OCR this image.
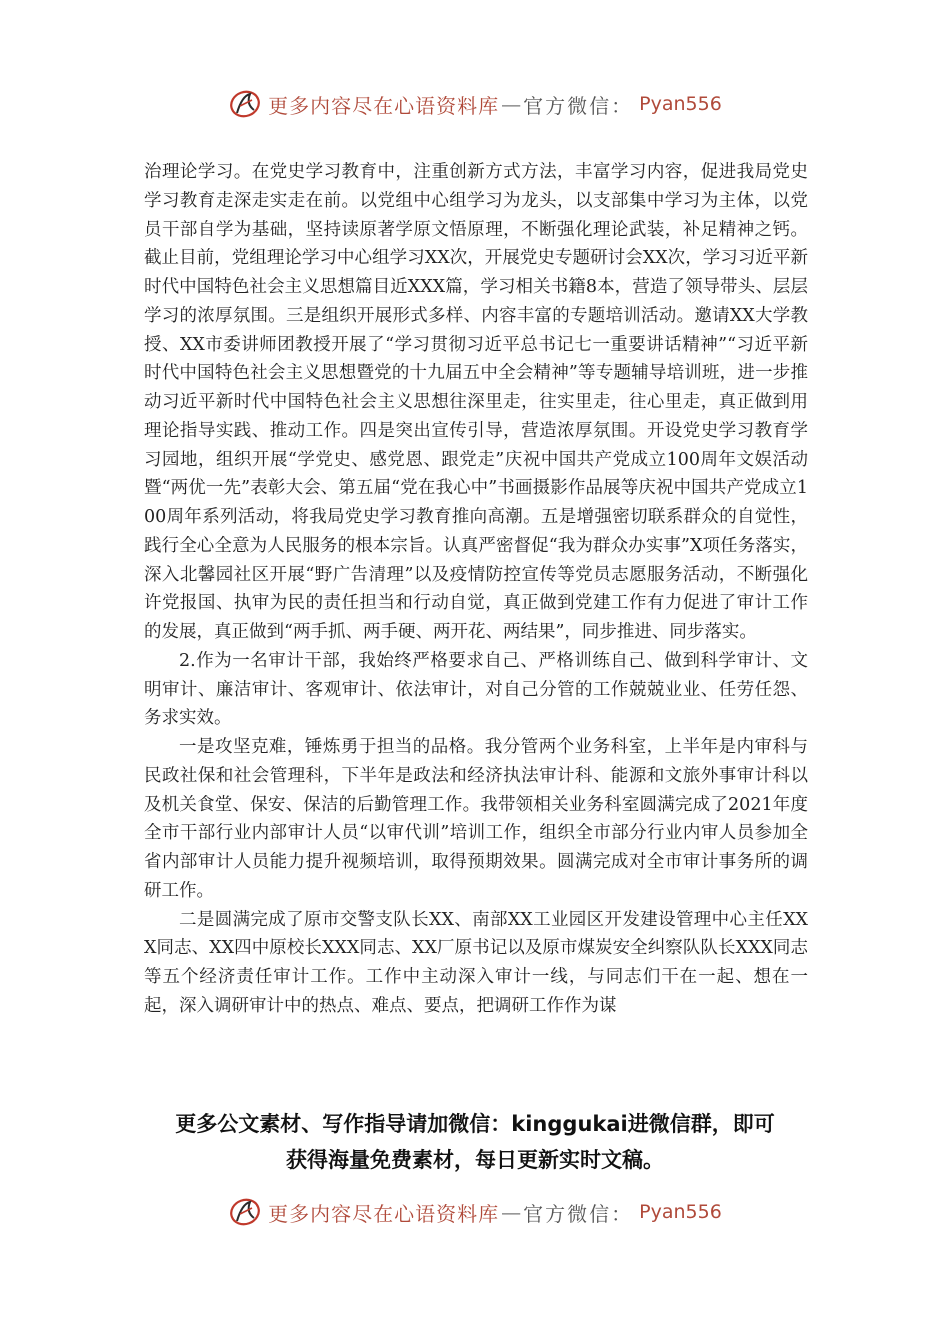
更多内容尽在心语资料库 — 官方微信： Pyan556

治理论学习。在党史学习教育中，注重创新方式方法，丰富学习内容，促进我局党史学习教育走深走实走在前。以党组中心组学习为龙头，以支部集中学习为主体，以党员干部自学为基础，坚持读原著学原文悟原理，不断强化理论武装，补足精神之钙。截止目前，党组理论学习中心组学习XX次，开展党史专题研讨会XX次，学习习近平新时代中国特色社会主义思想篇目近XXX篇，学习相关书籍8本，营造了领导带头、层层学习的浓厚氛围。三是组织开展形式多样、内容丰富的专题培训活动。邀请XX大学教授、XX市委讲师团教授开展了“学习贯彻习近平总书记七一重要讲话精神”“习近平新时代中国特色社会主义思想暨党的十九届五中全会精神”等专题辅导培训班，进一步推动习近平新时代中国特色社会主义思想往深里走，往实里走，往心里走，真正做到用理论指导实践、推动工作。四是突出宣传引导，营造浓厚氛围。开设党史学习教育学习园地，组织开展“学党史、感党恩、跟党走”庆祝中国共产党成立100周年文娱活动暨“两优一先”表彰大会、第五届“党在我心中”书画摄影作品展等庆祝中国共产党成立100周年系列活动，将我局党史学习教育推向高潮。五是增强密切联系群众的自觉性，践行全心全意为人民服务的根本宗旨。认真严密督促“我为群众办实事”X项任务落实，深入北馨园社区开展“野广告清理”以及疫情防控宣传等党员志愿服务活动，不断强化许党报国、执审为民的责任担当和行动自觉，真正做到党建工作有力促进了审计工作的发展，真正做到“两手抓、两手硬、两开花、两结果”，同步推进、同步落实。

2.作为一名审计干部，我始终严格要求自己、严格训练自己、做到科学审计、文明审计、廉洁审计、客观审计、依法审计，对自己分管的工作兢兢业业、任劳任怨、务求实效。

一是攻坚克难，锤炼勇于担当的品格。我分管两个业务科室，上半年是内审科与民政社保和社会管理科，下半年是政法和经济执法审计科、能源和文旅外事审计科以及机关食堂、保安、保洁的后勤管理工作。我带领相关业务科室圆满完成了2021年度全市干部行业内部审计人员“以审代训”培训工作，组织全市部分行业内审人员参加全省内部审计人员能力提升视频培训，取得预期效果。圆满完成对全市审计事务所的调研工作。

二是圆满完成了原市交警支队长XX、南部XX工业园区开发建设管理中心主任XXX同志、XX四中原校长XXX同志、XX厂原书记以及原市煤炭安全纠察队队长XXX同志等五个经济责任审计工作。工作中主动深入审计一线，与同志们干在一起、想在一起，深入调研审计中的热点、难点、要点，把调研工作作为谋

更多公文素材、写作指导请加微信：kinggukai进微信群，即可
获得海量免费素材，每日更新实时文稿。
更多内容尽在心语资料库 — 官方微信： Pyan556
